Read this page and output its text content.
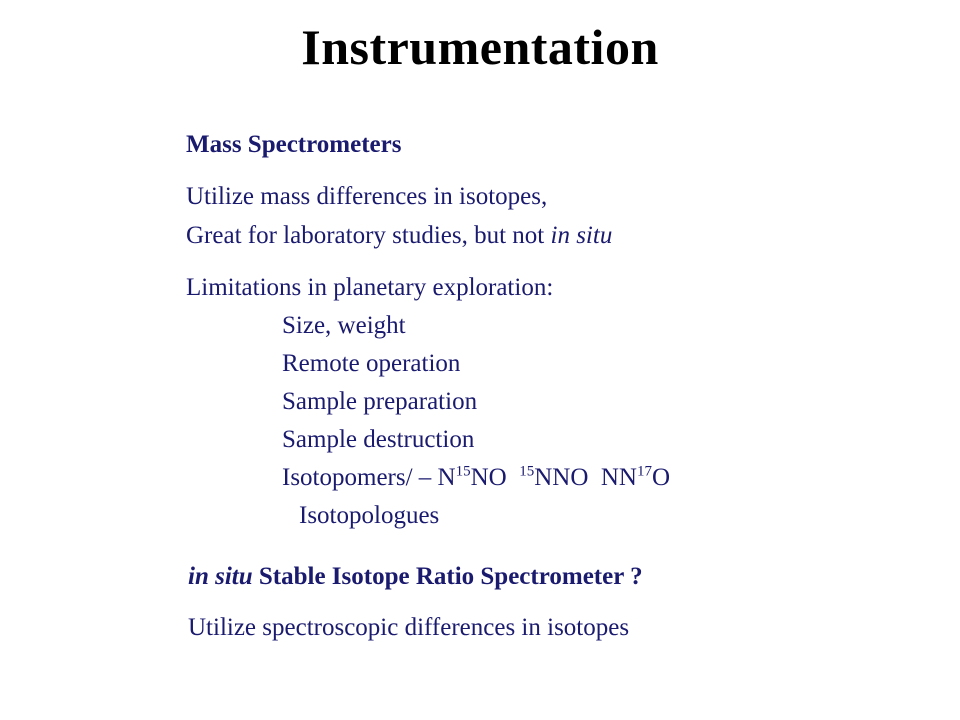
Instrumentation
Mass Spectrometers
Utilize mass differences in isotopes,
Great for laboratory studies, but not in situ
Limitations in planetary exploration:
Size, weight
Remote operation
Sample preparation
Sample destruction
Isotopomers/ – $N^{15}NO$  $^{15}$NNO  NN$^{17}$O
Isotopologues
in situ Stable Isotope Ratio Spectrometer ?
Utilize spectroscopic differences in isotopes
